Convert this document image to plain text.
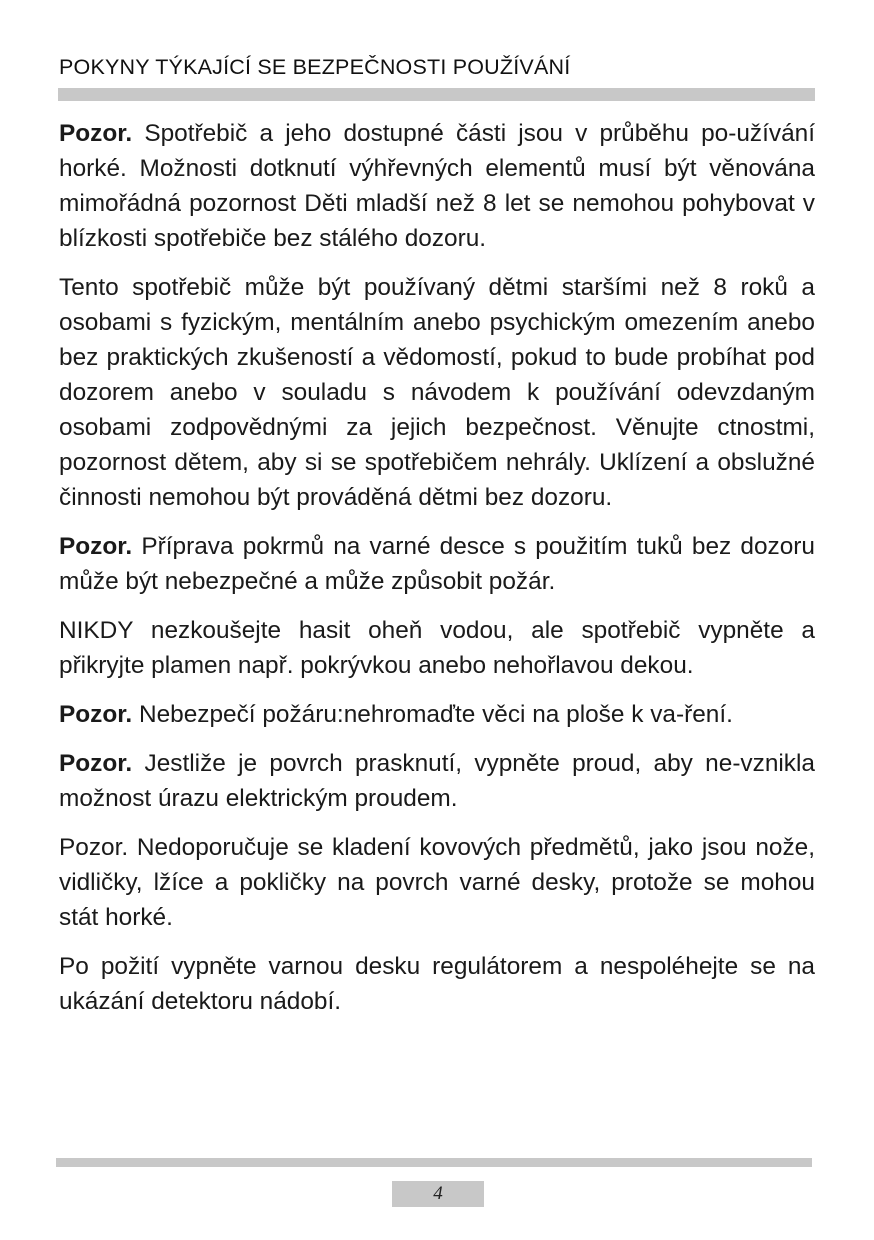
POKYNY TÝKAJÍCÍ SE BEZPEČNOSTI POUŽÍVÁNÍ

Pozor. Spotřebič a jeho dostupné části jsou v průběhu po-užívání horké. Možnosti dotknutí výhřevných elementů musí být věnována mimořádná pozornost Děti mladší než 8 let se nemohou pohybovat v blízkosti spotřebiče bez stálého dozoru.

Tento spotřebič může být používaný dětmi staršími než 8 roků a osobami s fyzickým, mentálním anebo psychickým omezením anebo bez praktických zkušeností a vědomostí, pokud to bude probíhat pod dozorem anebo v souladu s návodem k používání odevzdaným osobami zodpovědnými za jejich bezpečnost. Věnujte ctnostmi, pozornost dětem, aby si se spotřebičem nehrály. Uklízení a obslužné činnosti nemohou být prováděná dětmi bez dozoru.

Pozor. Příprava pokrmů na varné desce s použitím tuků bez dozoru může být nebezpečné a může způsobit požár.

NIKDY nezkoušejte hasit oheň vodou, ale spotřebič vypněte a přikryjte plamen např. pokrývkou anebo nehořlavou dekou.

Pozor. Nebezpečí požáru:nehromaďte věci na ploše k va-ření.

Pozor. Jestliže je povrch prasknutí, vypněte proud, aby ne-vznikla možnost úrazu elektrickým proudem.

Pozor. Nedoporučuje se kladení kovových předmětů, jako jsou nože, vidličky, lžíce a pokličky na povrch varné desky, protože se mohou stát horké.

Po požití vypněte varnou desku regulátorem a nespoléhejte se na ukázání detektoru nádobí.

4
